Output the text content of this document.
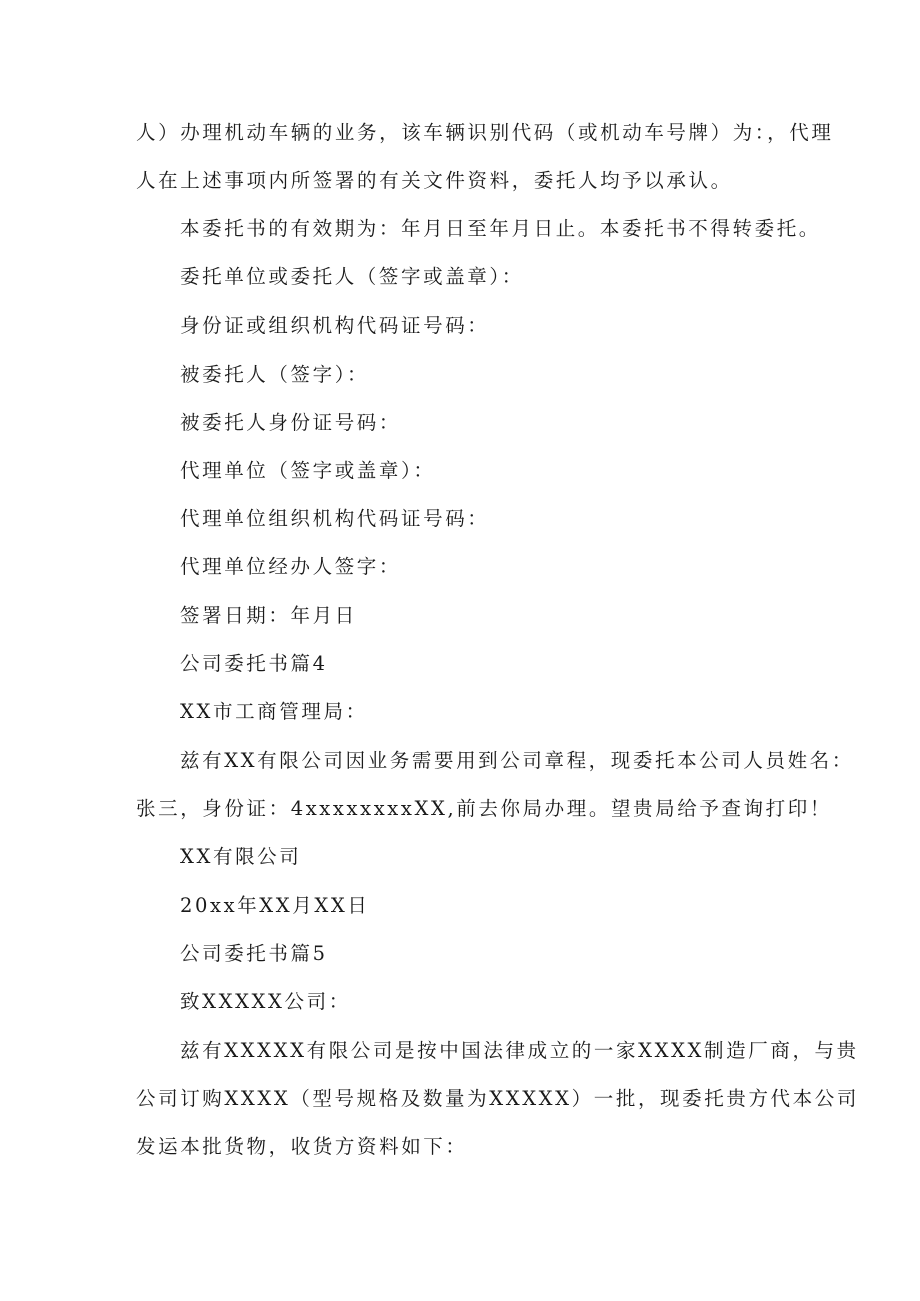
人）办理机动车辆的业务，该车辆识别代码（或机动车号牌）为：，代理
人在上述事项内所签署的有关文件资料，委托人均予以承认。
本委托书的有效期为：年月日至年月日止。本委托书不得转委托。
委托单位或委托人（签字或盖章）：
身份证或组织机构代码证号码：
被委托人（签字）：
被委托人身份证号码：
代理单位（签字或盖章）：
代理单位组织机构代码证号码：
代理单位经办人签字：
签署日期：年月日
公司委托书篇4
XX市工商管理局：
兹有XX有限公司因业务需要用到公司章程，现委托本公司人员姓名：
张三，身份证：4xxxxxxxxXX,前去你局办理。望贵局给予查询打印！
XX有限公司
20xx年XX月XX日
公司委托书篇5
致XXXXX公司：
兹有XXXXX有限公司是按中国法律成立的一家XXXX制造厂商，与贵
公司订购XXXX（型号规格及数量为XXXXX）一批，现委托贵方代本公司
发运本批货物，收货方资料如下：
